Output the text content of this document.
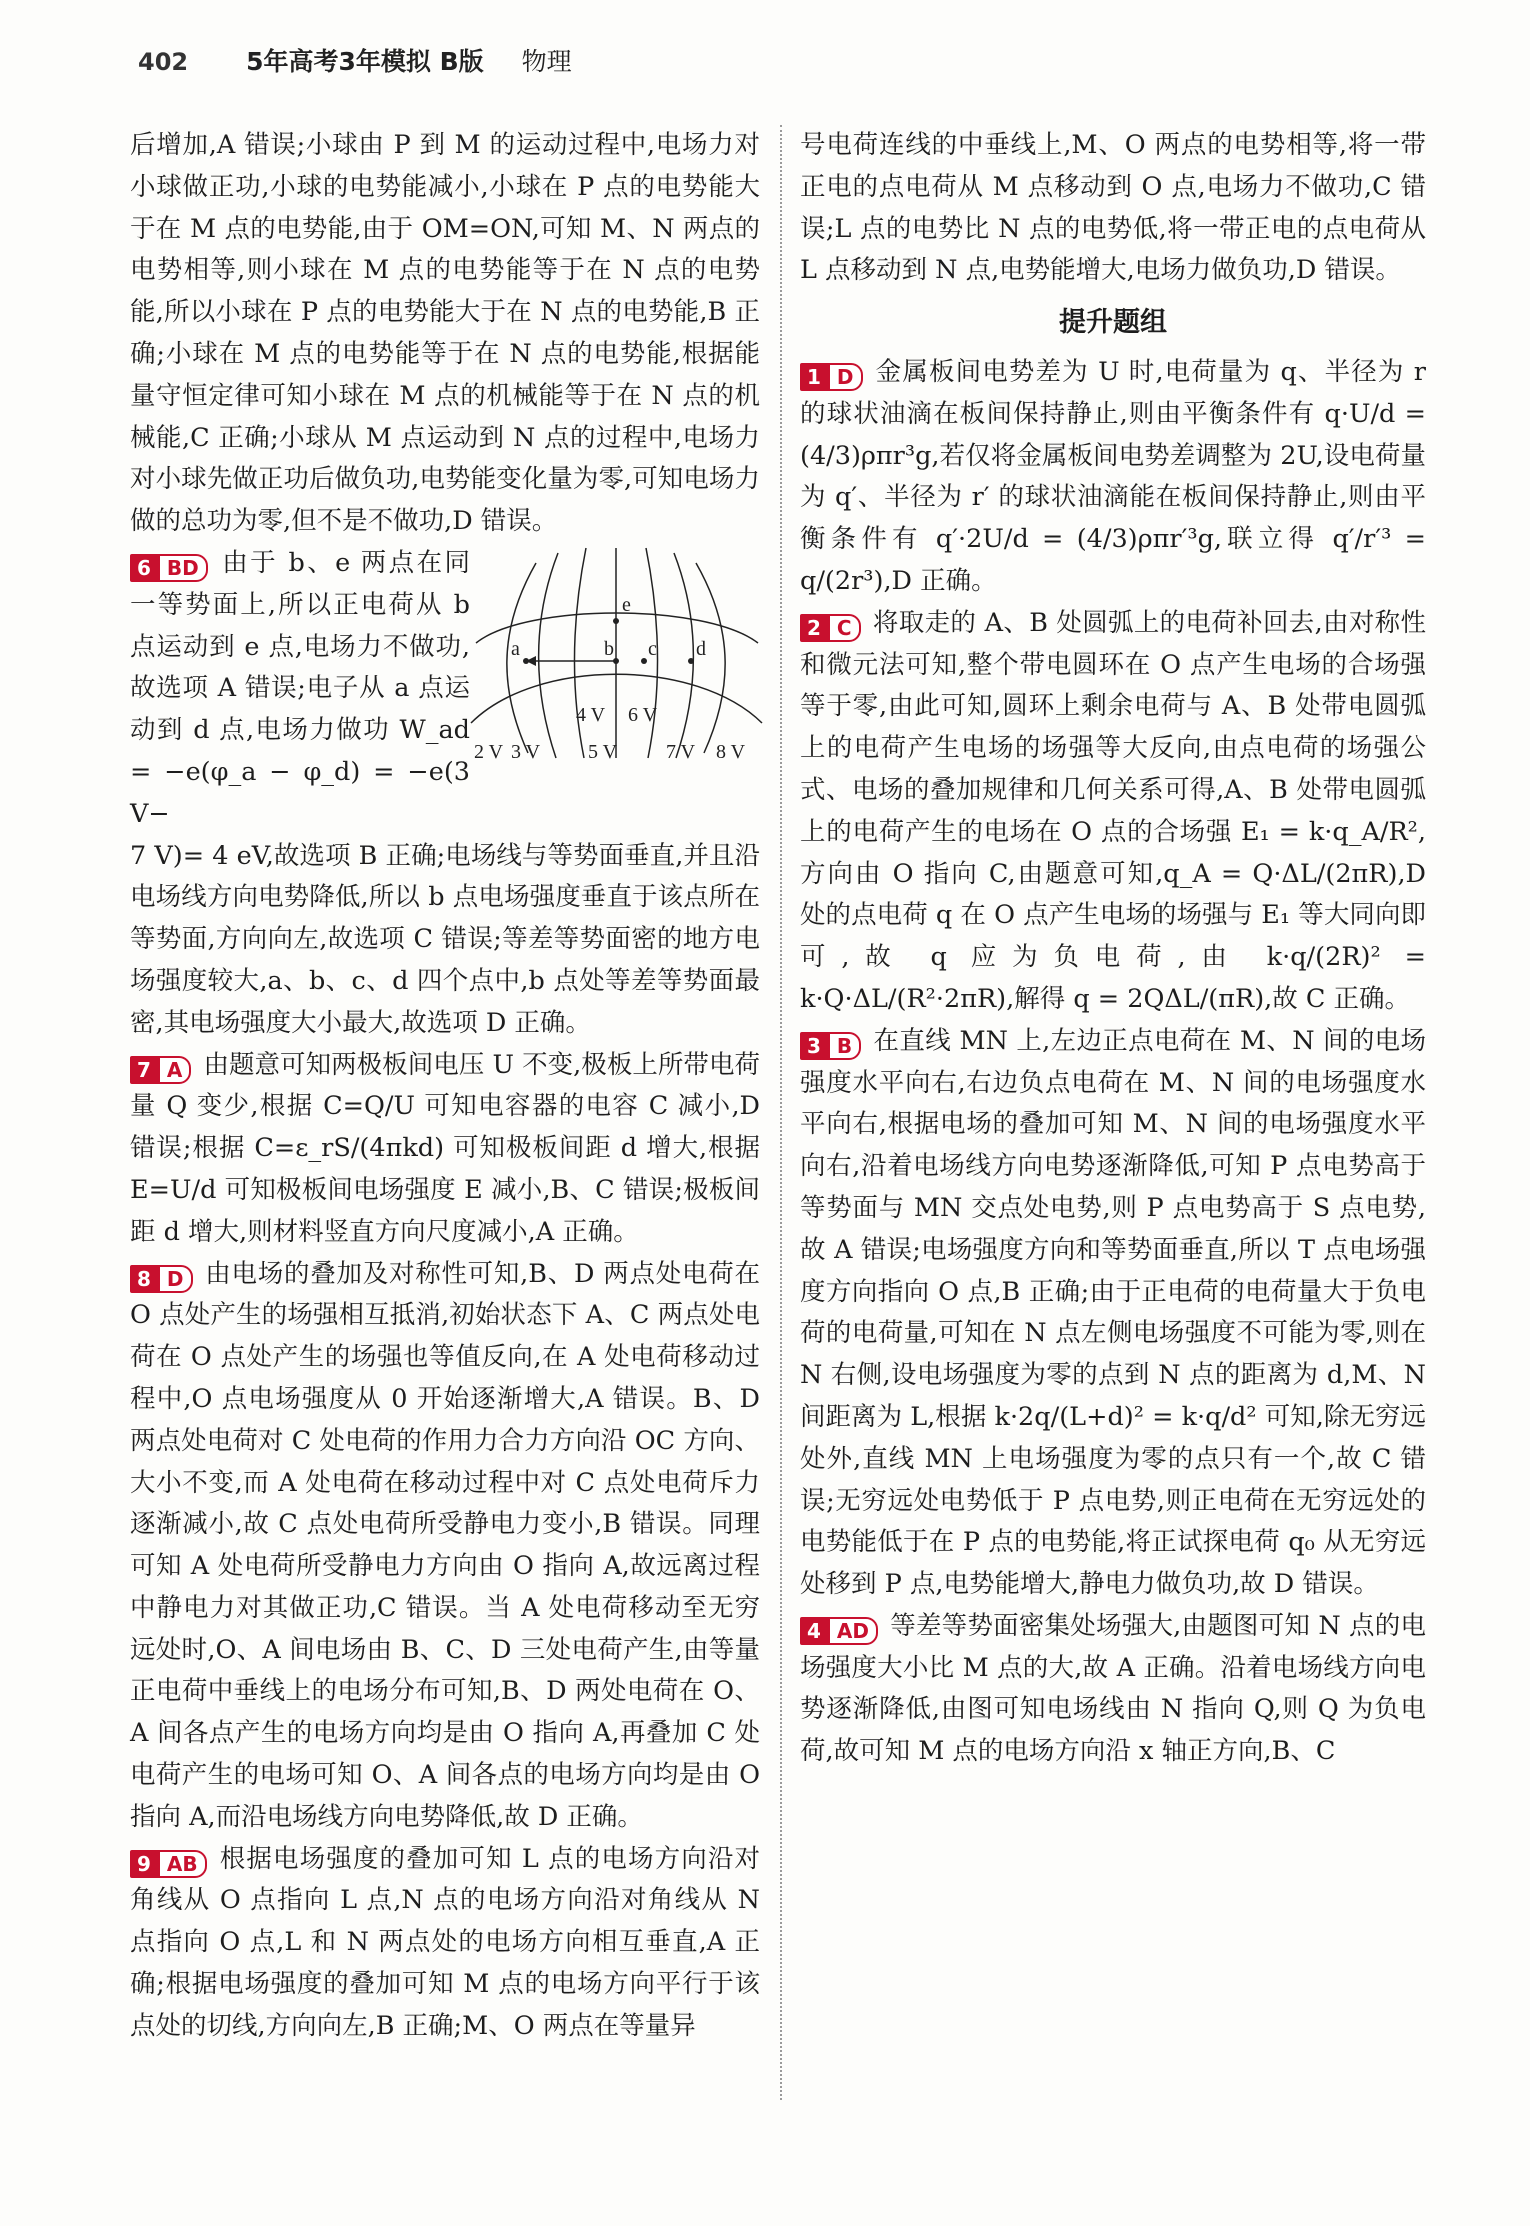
402 5年高考3年模拟 B版 物理

后增加,A 错误;小球由 P 到 M 的运动过程中,电场力对小球做正功,小球的电势能减小,小球在 P 点的电势能大于在 M 点的电势能,由于 OM=ON,可知 M、N 两点的电势相等,则小球在 M 点的电势能等于在 N 点的电势能,所以小球在 P 点的电势能大于在 N 点的电势能,B 正确;小球在 M 点的电势能等于在 N 点的电势能,根据能量守恒定律可知小球在 M 点的机械能等于在 N 点的机械能,C 正确;小球从 M 点运动到 N 点的过程中,电场力对小球先做正功后做负功,电势能变化量为零,可知电场力做的总功为零,但不是不做功,D 错误。

e
a	b c d
2 V 3 V
4 V
5 V
6 V
7 V 8 V

6 BD 由于 b、e 两点在同一等势面上,所以正电荷从 b 点运动到 e 点,电场力不做功,故选项 A 错误;电子从 a 点运动到 d 点,电场力做功 W_ad = −e(φ_a − φ_d) = −e(3 V−

7 V)= 4 eV,故选项 B 正确;电场线与等势面垂直,并且沿电场线方向电势降低,所以 b 点电场强度垂直于该点所在等势面,方向向左,故选项 C 错误;等差等势面密的地方电场强度较大,a、b、c、d 四个点中,b 点处等差等势面最密,其电场强度大小最大,故选项 D 正确。

7 A 由题意可知两极板间电压 U 不变,极板上所带电荷量 Q 变少,根据 C=Q/U 可知电容器的电容 C 减小,D 错误;根据 C=ε_rS/(4πkd) 可知极板间距 d 增大,根据 E=U/d 可知极板间电场强度 E 减小,B、C 错误;极板间距 d 增大,则材料竖直方向尺度减小,A 正确。

8 D 由电场的叠加及对称性可知,B、D 两点处电荷在 O 点处产生的场强相互抵消,初始状态下 A、C 两点处电荷在 O 点处产生的场强也等值反向,在 A 处电荷移动过程中,O 点电场强度从 0 开始逐渐增大,A 错误。B、D 两点处电荷对 C 处电荷的作用力合力方向沿 OC 方向、大小不变,而 A 处电荷在移动过程中对 C 点处电荷斥力逐渐减小,故 C 点处电荷所受静电力变小,B 错误。同理可知 A 处电荷所受静电力方向由 O 指向 A,故远离过程中静电力对其做正功,C 错误。当 A 处电荷移动至无穷远处时,O、A 间电场由 B、C、D 三处电荷产生,由等量正电荷中垂线上的电场分布可知,B、D 两处电荷在 O、A 间各点产生的电场方向均是由 O 指向 A,再叠加 C 处电荷产生的电场可知 O、A 间各点的电场方向均是由 O 指向 A,而沿电场线方向电势降低,故 D 正确。

9 AB 根据电场强度的叠加可知 L 点的电场方向沿对角线从 O 点指向 L 点,N 点的电场方向沿对角线从 N 点指向 O 点,L 和 N 两点处的电场方向相互垂直,A 正确;根据电场强度的叠加可知 M 点的电场方向平行于该点处的切线,方向向左,B 正确;M、O 两点在等量异

号电荷连线的中垂线上,M、O 两点的电势相等,将一带正电的点电荷从 M 点移动到 O 点,电场力不做功,C 错误;L 点的电势比 N 点的电势低,将一带正电的点电荷从 L 点移动到 N 点,电势能增大,电场力做负功,D 错误。

提升题组

1 D 金属板间电势差为 U 时,电荷量为 q、半径为 r 的球状油滴在板间保持静止,则由平衡条件有 q·U/d = (4/3)ρπr³g,若仅将金属板间电势差调整为 2U,设电荷量为 q′、半径为 r′ 的球状油滴能在板间保持静止,则由平衡条件有 q′·2U/d = (4/3)ρπr′³g,联立得 q′/r′³ = q/(2r³),D 正确。

2 C 将取走的 A、B 处圆弧上的电荷补回去,由对称性和微元法可知,整个带电圆环在 O 点产生电场的合场强等于零,由此可知,圆环上剩余电荷与 A、B 处带电圆弧上的电荷产生电场的场强等大反向,由点电荷的场强公式、电场的叠加规律和几何关系可得,A、B 处带电圆弧上的电荷产生的电场在 O 点的合场强 E₁ = k·q_A/R²,方向由 O 指向 C,由题意可知,q_A = Q·ΔL/(2πR),D 处的点电荷 q 在 O 点产生电场的场强与 E₁ 等大同向即可,故 q 应为负电荷,由 k·q/(2R)² = k·Q·ΔL/(R²·2πR),解得 q = 2QΔL/(πR),故 C 正确。

3 B 在直线 MN 上,左边正点电荷在 M、N 间的电场强度水平向右,右边负点电荷在 M、N 间的电场强度水平向右,根据电场的叠加可知 M、N 间的电场强度水平向右,沿着电场线方向电势逐渐降低,可知 P 点电势高于等势面与 MN 交点处电势,则 P 点电势高于 S 点电势,故 A 错误;电场强度方向和等势面垂直,所以 T 点电场强度方向指向 O 点,B 正确;由于正电荷的电荷量大于负电荷的电荷量,可知在 N 点左侧电场强度不可能为零,则在 N 右侧,设电场强度为零的点到 N 点的距离为 d,M、N 间距离为 L,根据 k·2q/(L+d)² = k·q/d² 可知,除无穷远处外,直线 MN 上电场强度为零的点只有一个,故 C 错误;无穷远处电势低于 P 点电势,则正电荷在无穷远处的电势能低于在 P 点的电势能,将正试探电荷 q₀ 从无穷远处移到 P 点,电势能增大,静电力做负功,故 D 错误。

4 AD 等差等势面密集处场强大,由题图可知 N 点的电场强度大小比 M 点的大,故 A 正确。沿着电场线方向电势逐渐降低,由图可知电场线由 N 指向 Q,则 Q 为负电荷,故可知 M 点的电场方向沿 x 轴正方向,B、C
